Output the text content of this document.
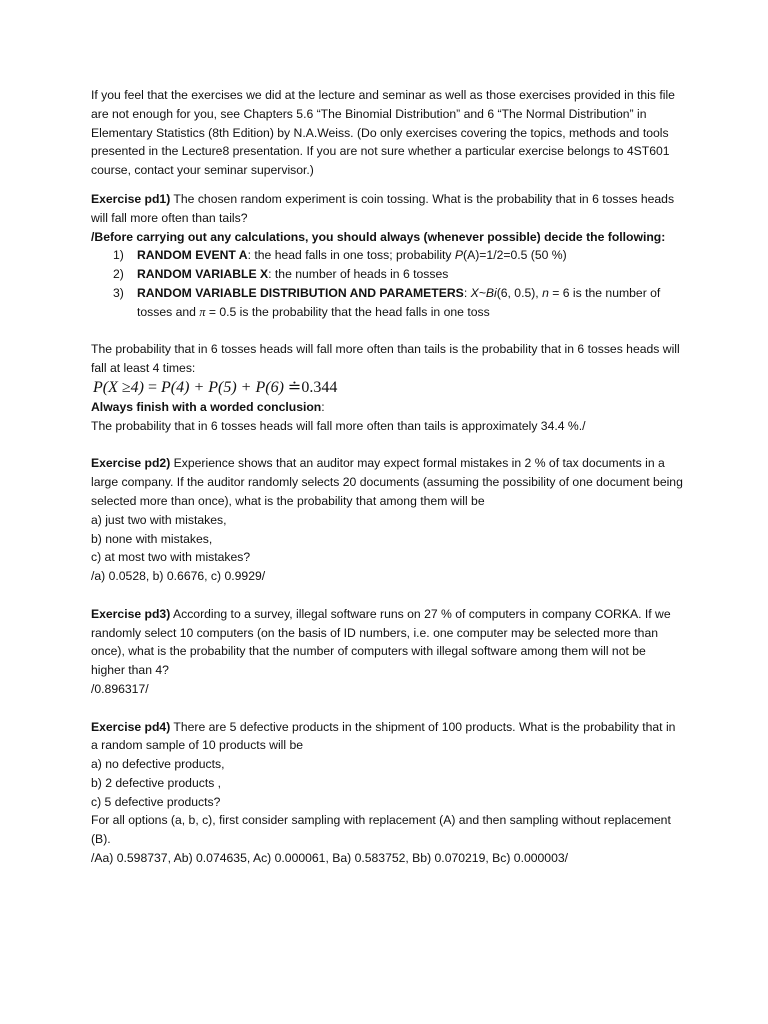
If you feel that the exercises we did at the lecture and seminar as well as those exercises provided in this file are not enough for you, see Chapters 5.6 “The Binomial Distribution” and 6 “The Normal Distribution” in Elementary Statistics (8th Edition) by N.A.Weiss. (Do only exercises covering the topics, methods and tools presented in the Lecture8 presentation. If you are not sure whether a particular exercise belongs to 4ST601 course, contact your seminar supervisor.)

Exercise pd1) The chosen random experiment is coin tossing. What is the probability that in 6 tosses heads will fall more often than tails?

/Before carrying out any calculations, you should always (whenever possible) decide the following:

1) RANDOM EVENT A: the head falls in one toss; probability P(A)=1/2=0.5 (50 %)
2) RANDOM VARIABLE X: the number of heads in 6 tosses
3) RANDOM VARIABLE DISTRIBUTION AND PARAMETERS: X~Bi(6, 0.5), n = 6 is the number of tosses and π = 0.5 is the probability that the head falls in one toss

The probability that in 6 tosses heads will fall more often than tails is the probability that in 6 tosses heads will fall at least 4 times:

P(X ≥4) = P(4) + P(5) + P(6) ≐0.344

Always finish with a worded conclusion:

The probability that in 6 tosses heads will fall more often than tails is approximately 34.4 %./

Exercise pd2) Experience shows that an auditor may expect formal mistakes in 2 % of tax documents in a large company. If the auditor randomly selects 20 documents (assuming the possibility of one document being selected more than once), what is the probability that among them will be

a) just two with mistakes,

b) none with mistakes,

c) at most two with mistakes?

/a) 0.0528, b) 0.6676, c) 0.9929/

Exercise pd3) According to a survey, illegal software runs on 27 % of computers in company CORKA. If we randomly select 10 computers (on the basis of ID numbers, i.e. one computer may be selected more than once), what is the probability that the number of computers with illegal software among them will not be higher than 4?

/0.896317/

Exercise pd4) There are 5 defective products in the shipment of 100 products. What is the probability that in a random sample of 10 products will be

a) no defective products,

b) 2 defective products ,

c) 5 defective products?

For all options (a, b, c), first consider sampling with replacement (A) and then sampling without replacement (B).

/Aa) 0.598737, Ab) 0.074635, Ac) 0.000061, Ba) 0.583752, Bb) 0.070219, Bc) 0.000003/
